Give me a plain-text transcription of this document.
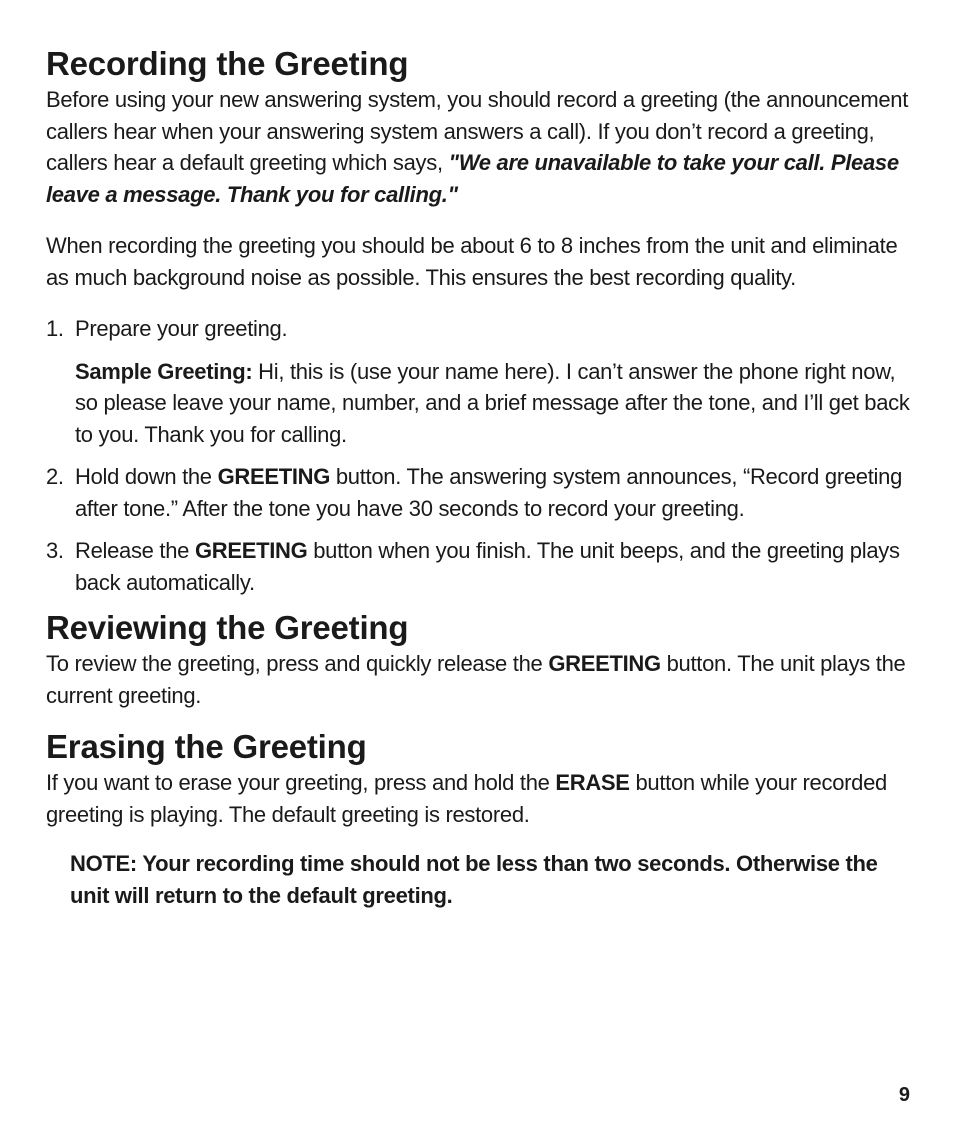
Recording the Greeting

Before using your new answering system, you should record a greeting (the announcement callers hear when your answering system answers a call). If you don’t record a greeting, callers hear a default greeting which says, "We are unavailable to take your call. Please leave a message. Thank you for calling."

When recording the greeting you should be about 6 to 8 inches from the unit and eliminate as much background noise as possible. This ensures the best recording quality.

1. Prepare your greeting.

Sample Greeting: Hi, this is (use your name here). I can’t answer the phone right now, so please leave your name, number, and a brief message after the tone, and I’ll get back to you. Thank you for calling.

2. Hold down the GREETING button. The answering system announces, “Record greeting after tone.” After the tone you have 30 seconds to record your greeting.
3. Release the GREETING button when you finish. The unit beeps, and the greeting plays back automatically.
Reviewing the Greeting

To review the greeting, press and quickly release the GREETING button. The unit plays the current greeting.

Erasing the Greeting

If you want to erase your greeting, press and hold the ERASE button while your recorded greeting is playing. The default greeting is restored.

NOTE: Your recording time should not be less than two seconds. Otherwise the unit will return to the default greeting.

9
